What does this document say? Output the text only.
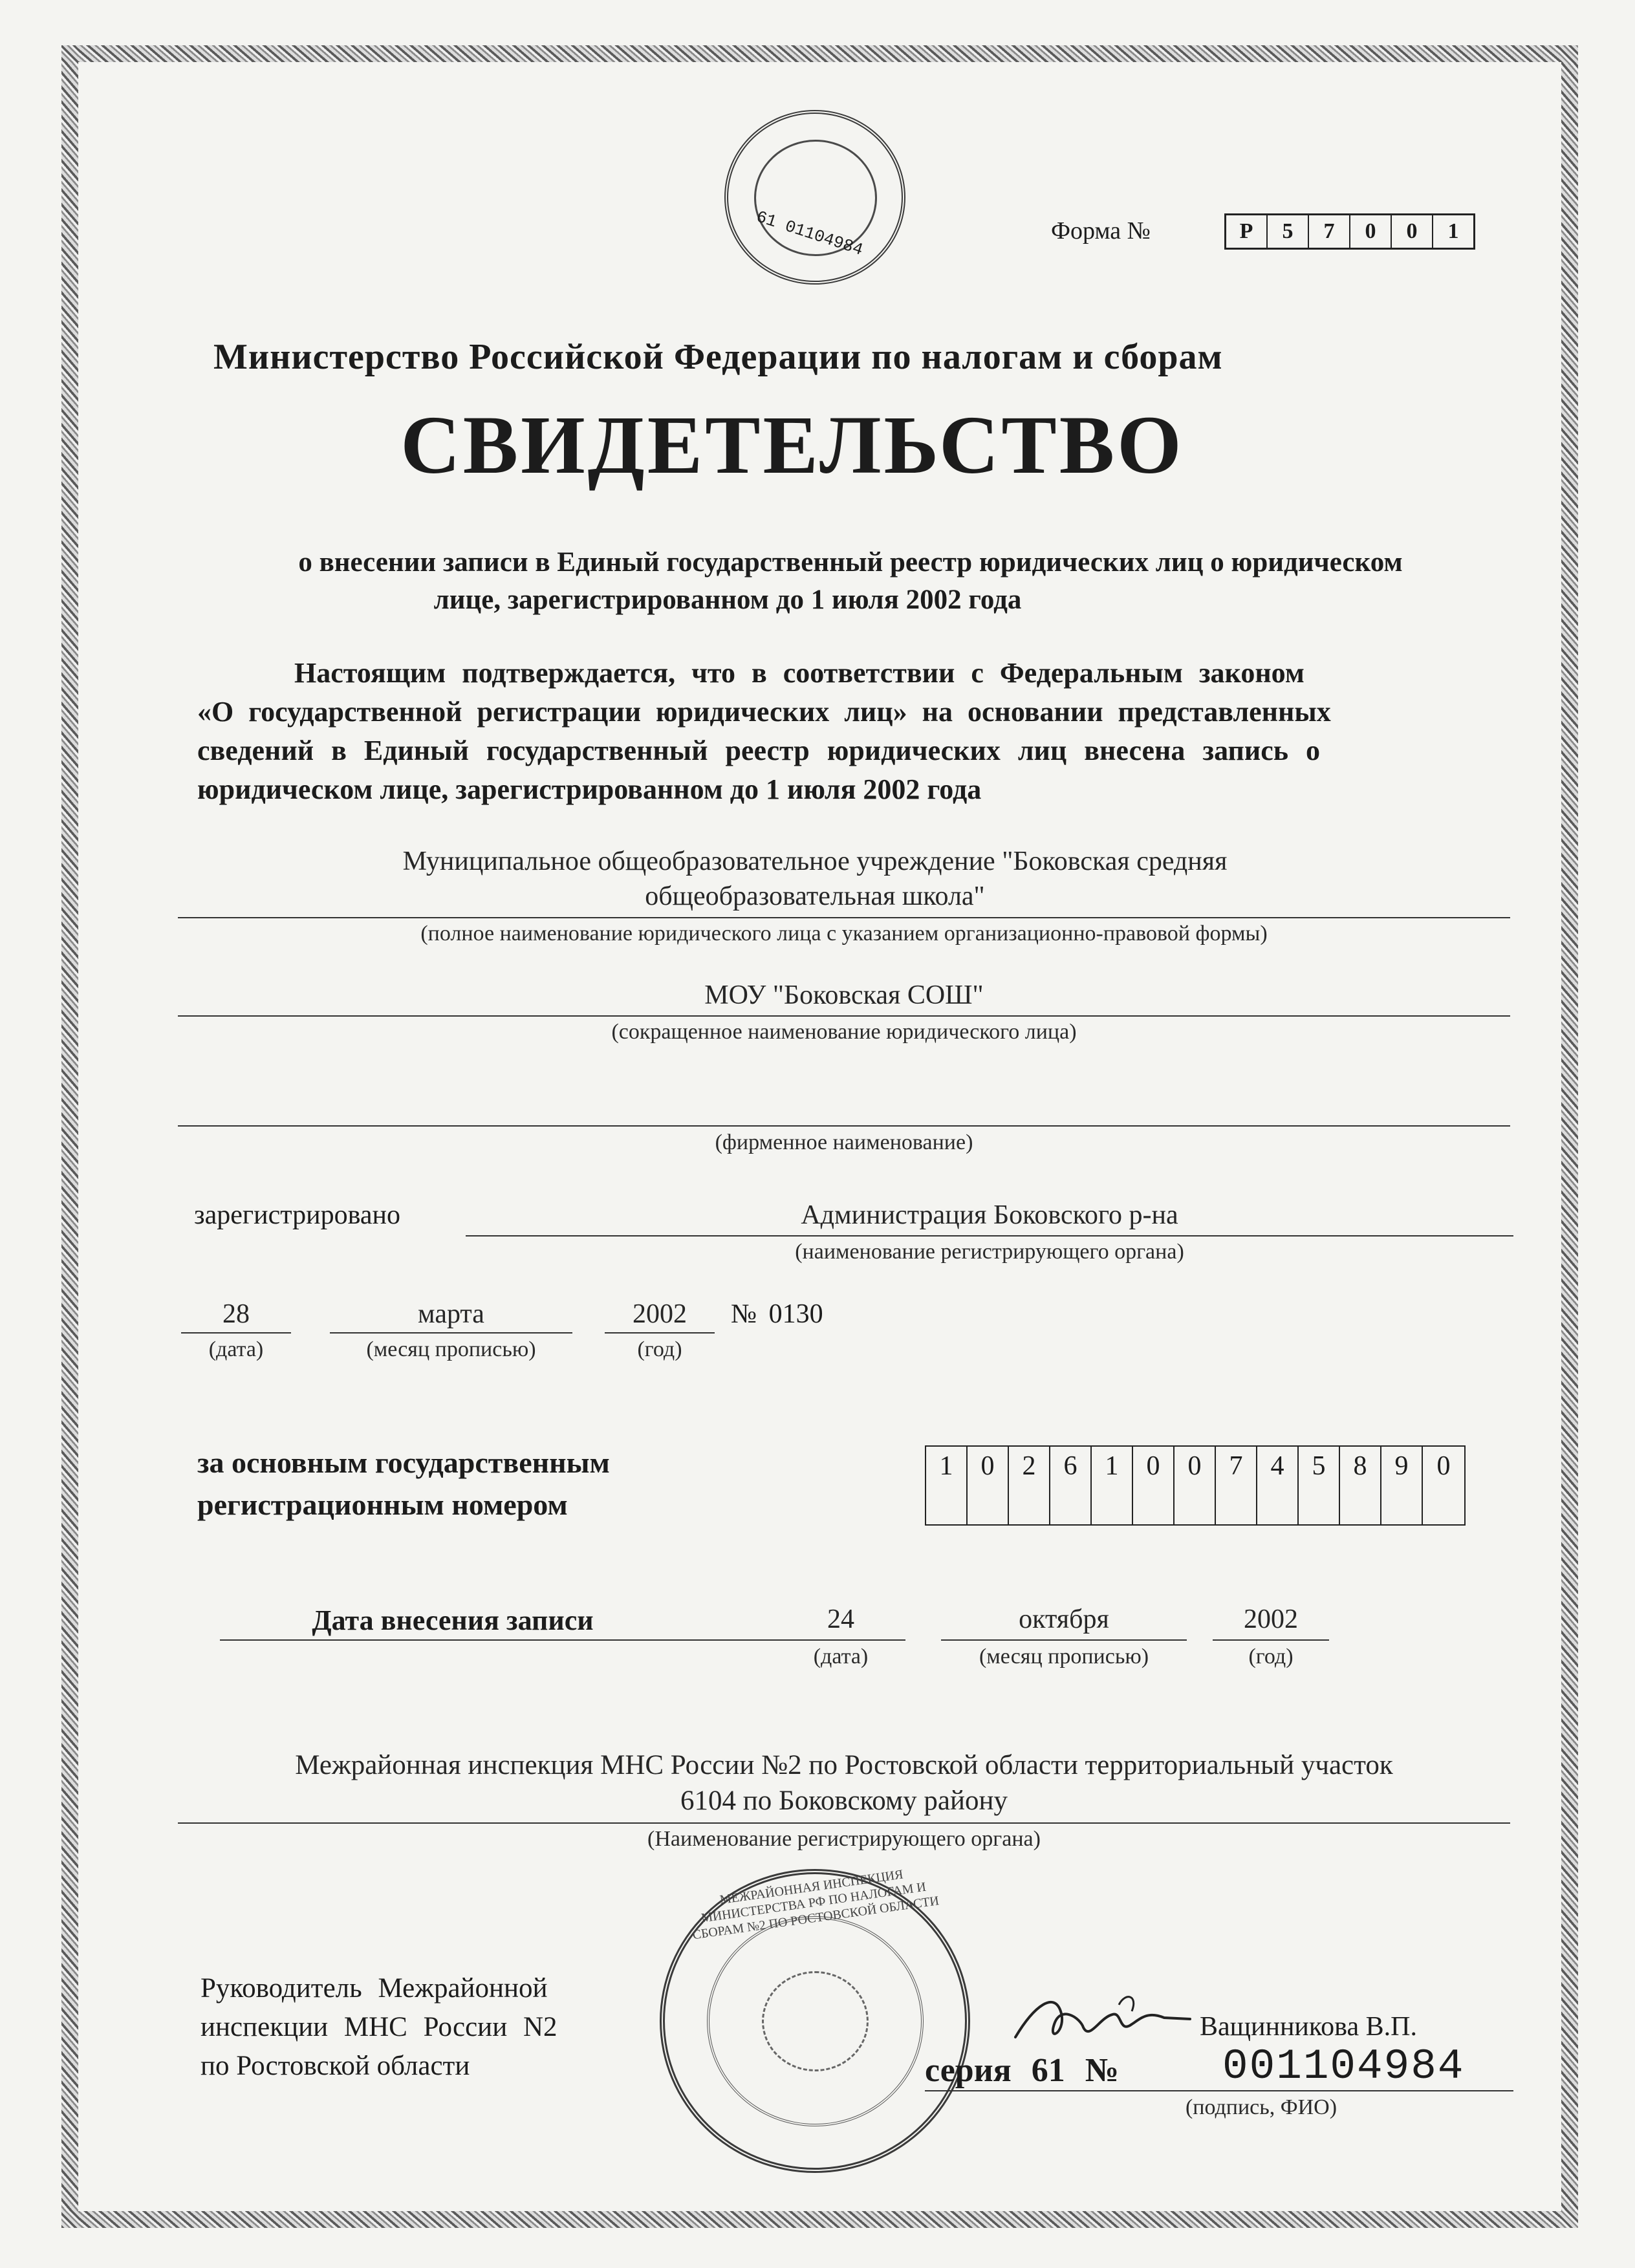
61 01104984	Форма №	Р	5	7	0	0	1
Министерство Российской Федерации по налогам и сборам
СВИДЕТЕЛЬСТВО
о внесении записи в Единый государственный реестр юридических лиц о юридическом
лице, зарегистрированном до 1 июля 2002 года
Настоящим подтверждается, что в соответствии с Федеральным законом
«О государственной регистрации юридических лиц» на основании представленных
сведений в Единый государственный реестр юридических лиц внесена запись о
юридическом лице, зарегистрированном до 1 июля 2002 года
Муниципальное общеобразовательное учреждение "Боковская средняя
общеобразовательная школа"
(полное наименование юридического лица с указанием организационно-правовой формы)
МОУ "Боковская СОШ"
(сокращенное наименование юридического лица)
(фирменное наименование)
зарегистрировано	Администрация Боковского р-на
(наименование регистрирующего органа)
28
(дата)
марта
(месяц прописью)
2002
(год)
№ 0130
за основным государственным
регистрационным номером
1	0	2	6	1	0	0	7	4	5	8	9	0
Дата внесения записи	24
(дата)
октября
(месяц прописью)
2002
(год)
Межрайонная инспекция МНС России №2 по Ростовской области территориальный участок
6104 по Боковскому району
(Наименование регистрирующего органа)
МЕЖРАЙОННАЯ ИНСПЕКЦИЯ МИНИСТЕРСТВА РФ ПО НАЛОГАМ И СБОРАМ №2 ПО РОСТОВСКОЙ ОБЛАСТИ
Руководитель Межрайонной
инспекции МНС России N2
по Ростовской области
Ващинникова В.П.
серия 61 № 001104984
(подпись, ФИО)
